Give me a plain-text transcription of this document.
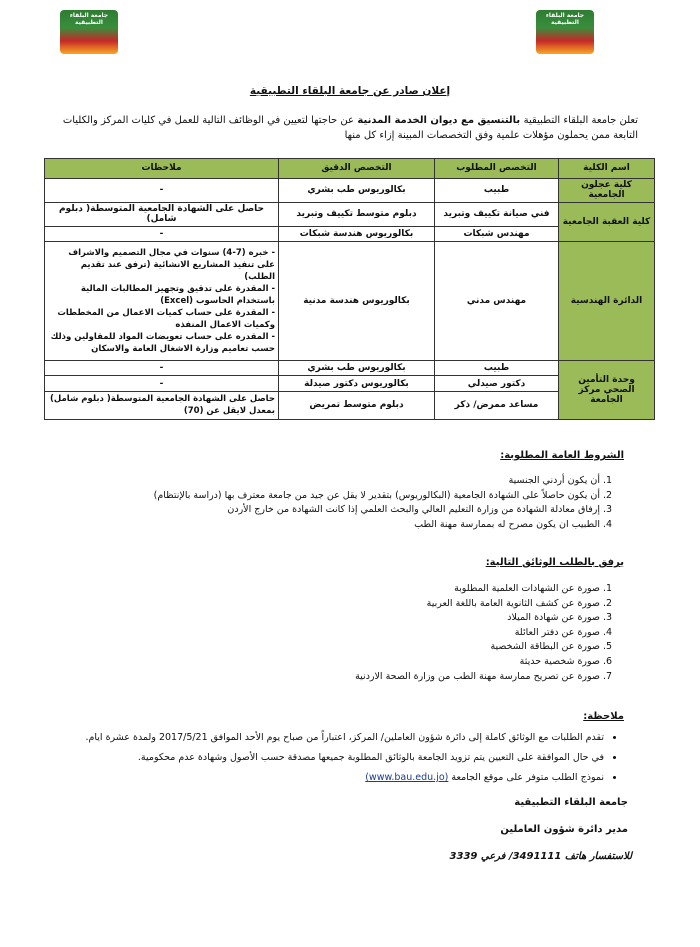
جامعة البلقاء التطبيقية
جامعة البلقاء التطبيقية
إعلان صادر عن جامعة البلقاء التطبيقية
تعلن جامعة البلقاء التطبيقية بالتنسيق مع ديوان الخدمة المدنية عن حاجتها لتعيين في الوظائف التالية للعمل في كليات المركز والكليات التابعة ممن يحملون مؤهلات علمية وفق التخصصات المبينة إزاء كل منها
اسم الكلية	التخصص المطلوب	التخصص الدقيق	ملاحظات
كلية عجلون الجامعية	طبيب	بكالوريوس طب بشري	-
كلية العقبة الجامعية	فني صيانة تكييف وتبريد	دبلوم متوسط تكييف وتبريد	حاصل على الشهادة الجامعية المتوسطة( دبلوم شامل)
	مهندس شبكات	بكالوريوس هندسة شبكات	-
الدائرة الهندسية	مهندس مدني	بكالوريوس هندسة مدنية	- خبره (7-4) سنوات في مجال التصميم والاشراف على تنفيذ المشاريع الانشائية (ترفق عند تقديم الطلب)
- المقدرة على تدقيق وتجهيز المطالبات المالية باستخدام الحاسوب (Excel)
- المقدرة على حساب كميات الاعمال من المخططات وكميات الاعمال المنفذه
- المقدره على حساب تعويضات المواد للمقاولين وذلك حسب تعاميم وزارة الاشغال العامة والاسكان

وحدة التأمين الصحي مركز الجامعة	طبيب	بكالوريوس طب بشري	-
	دكتور صيدلي	بكالوريوس دكتور صيدلة	-
	مساعد ممرض/ ذكر	دبلوم متوسط تمريض	حاصل على الشهادة الجامعية المتوسطة( دبلوم شامل) بمعدل لايقل عن (70)
الشروط العامة المطلوبة:
1. أن يكون أردني الجنسية
2. أن يكون حاصلاً على الشهادة الجامعية (البكالوريوس) بتقدير لا يقل عن جيد من جامعة معترف بها (دراسة بالإنتظام)
3. إرفاق معادلة الشهادة من وزارة التعليم العالي والبحث العلمي إذا كانت الشهادة من خارج الأردن
4. الطبيب ان يكون مصرح له بممارسة مهنة الطب
يرفق بالطلب الوثائق التالية:
1. صورة عن الشهادات العلمية المطلوبة
2. صورة عن كشف الثانوية العامة باللغة العربية
3. صورة عن شهادة الميلاد
4. صورة عن دفتر العائلة
5. صورة عن البطاقة الشخصية
6. صورة شخصية حديثة
7. صورة عن تصريح ممارسة مهنة الطب من وزارة الصحة الاردنية
ملاحظة:
• تقدم الطلبات مع الوثائق كاملة إلى دائرة شؤون العاملين/ المركز، اعتباراً من صباح يوم الأحد الموافق 2017/5/21 ولمدة عشرة ايام.
• في حال الموافقة على التعيين يتم تزويد الجامعة بالوثائق المطلوبة جميعها مصدقة حسب الأصول وشهادة عدم محكومية.
• نموذج الطلب متوفر على موقع الجامعة (www.bau.edu.jo)
جامعة البلقاء التطبيقية
مدير دائرة شؤون العاملين
للاستفسار هاتف 3491111/ فرعي 3339
